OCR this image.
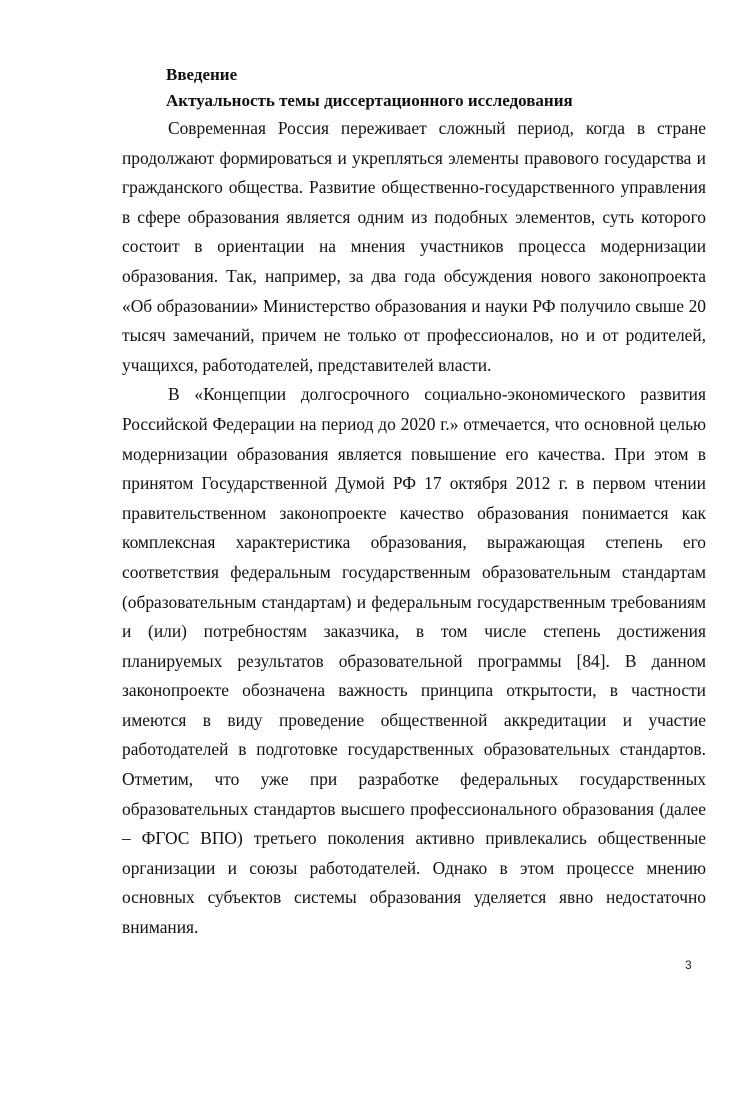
Введение
Актуальность темы диссертационного исследования

Современная Россия переживает сложный период, когда в стране продолжают формироваться и укрепляться элементы правового государства и гражданского общества. Развитие общественно-государственного управления в сфере образования является одним из подобных элементов, суть которого состоит в ориентации на мнения участников процесса модернизации образования. Так, например, за два года обсуждения нового законопроекта «Об образовании» Министерство образования и науки РФ получило свыше 20 тысяч замечаний, причем не только от профессионалов, но и от родителей, учащихся, работодателей, представителей власти.

В «Концепции долгосрочного социально-экономического развития Российской Федерации на период до 2020 г.» отмечается, что основной целью модернизации образования является повышение его качества. При этом в принятом Государственной Думой РФ 17 октября 2012 г. в первом чтении правительственном законопроекте качество образования понимается как комплексная характеристика образования, выражающая степень его соответствия федеральным государственным образовательным стандартам (образовательным стандартам) и федеральным государственным требованиям и (или) потребностям заказчика, в том числе степень достижения планируемых результатов образовательной программы [84]. В данном законопроекте обозначена важность принципа открытости, в частности имеются в виду проведение общественной аккредитации и участие работодателей в подготовке государственных образовательных стандартов. Отметим, что уже при разработке федеральных государственных образовательных стандартов высшего профессионального образования (далее – ФГОС ВПО) третьего поколения активно привлекались общественные организации и союзы работодателей. Однако в этом процессе мнению основных субъектов системы образования уделяется явно недостаточно внимания.

3
